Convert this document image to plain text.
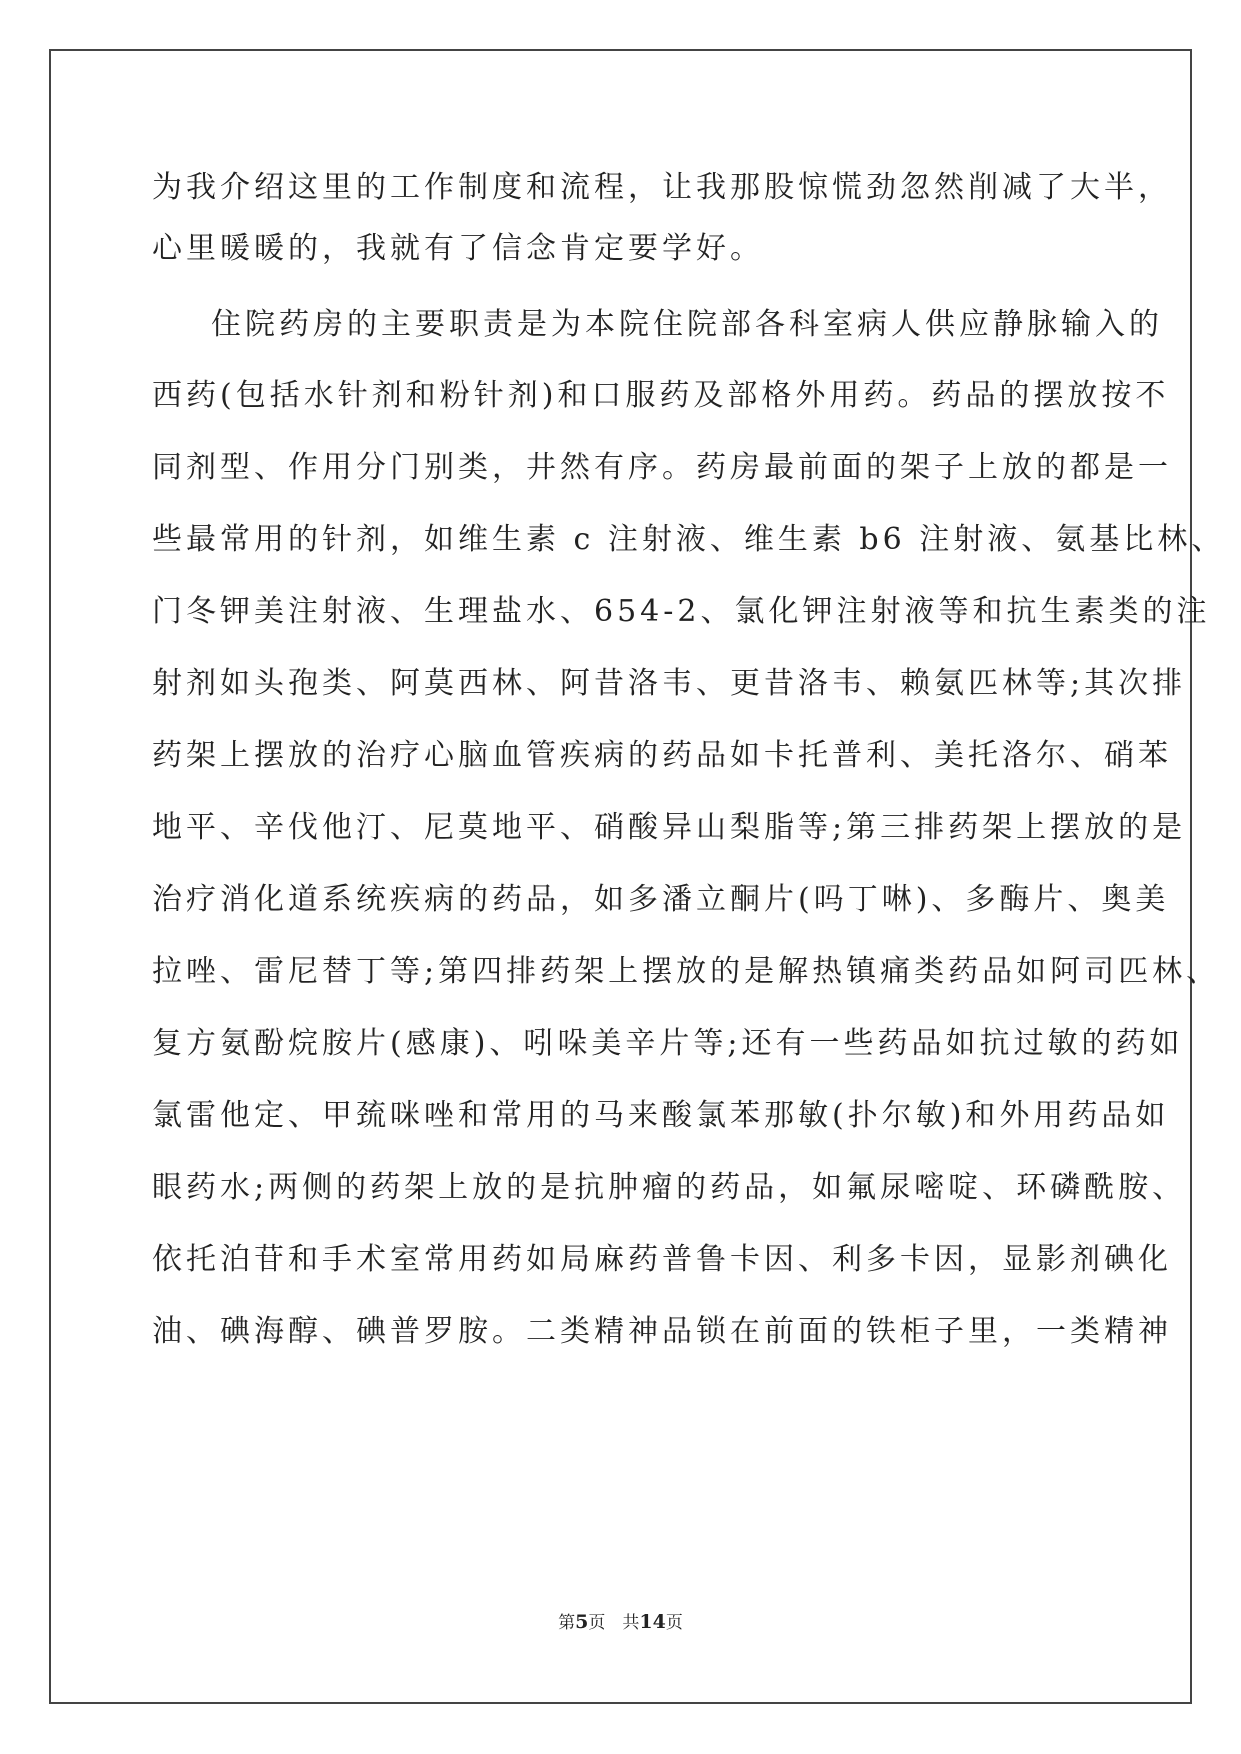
为我介绍这里的工作制度和流程，让我那股惊慌劲忽然削减了大半，
心里暖暖的，我就有了信念肯定要学好。
住院药房的主要职责是为本院住院部各科室病人供应静脉输入的
西药(包括水针剂和粉针剂)和口服药及部格外用药。药品的摆放按不
同剂型、作用分门别类，井然有序。药房最前面的架子上放的都是一
些最常用的针剂，如维生素 c 注射液、维生素 b6 注射液、氨基比林、
门冬钾美注射液、生理盐水、654-2、氯化钾注射液等和抗生素类的注
射剂如头孢类、阿莫西林、阿昔洛韦、更昔洛韦、赖氨匹林等;其次排
药架上摆放的治疗心脑血管疾病的药品如卡托普利、美托洛尔、硝苯
地平、辛伐他汀、尼莫地平、硝酸异山梨脂等;第三排药架上摆放的是
治疗消化道系统疾病的药品，如多潘立酮片(吗丁啉)、多酶片、奥美
拉唑、雷尼替丁等;第四排药架上摆放的是解热镇痛类药品如阿司匹林、
复方氨酚烷胺片(感康)、吲哚美辛片等;还有一些药品如抗过敏的药如
氯雷他定、甲巯咪唑和常用的马来酸氯苯那敏(扑尔敏)和外用药品如
眼药水;两侧的药架上放的是抗肿瘤的药品，如氟尿嘧啶、环磷酰胺、
依托泊苷和手术室常用药如局麻药普鲁卡因、利多卡因，显影剂碘化
油、碘海醇、碘普罗胺。二类精神品锁在前面的铁柜子里，一类精神
第5页　共14页
